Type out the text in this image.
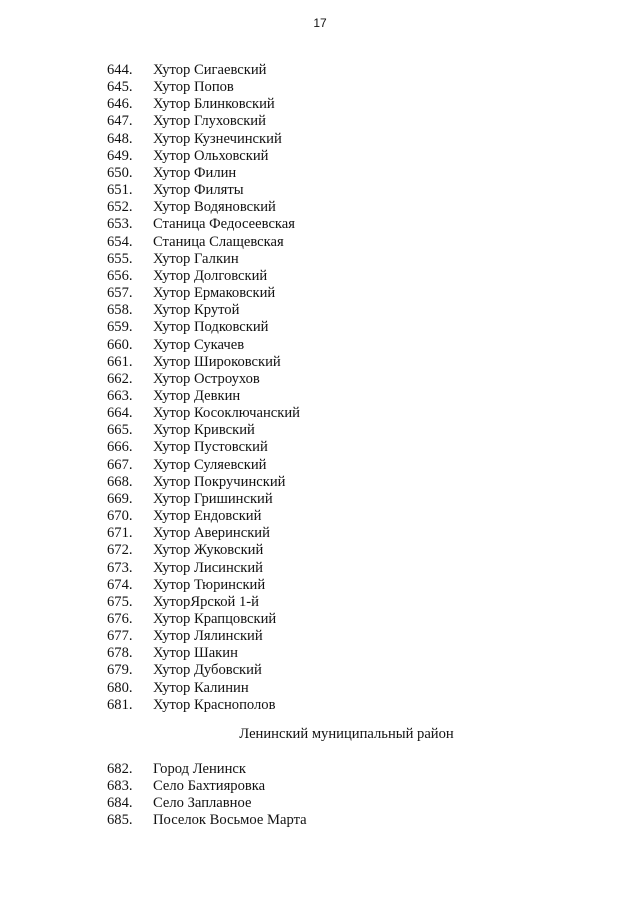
17
644. Хутор Сигаевский
645. Хутор Попов
646. Хутор Блинковский
647. Хутор Глуховский
648. Хутор Кузнечинский
649. Хутор Ольховский
650. Хутор Филин
651. Хутор Филяты
652. Хутор Водяновский
653. Станица Федосеевская
654. Станица Слащевская
655. Хутор Галкин
656. Хутор Долговский
657. Хутор Ермаковский
658. Хутор Крутой
659. Хутор Подковский
660. Хутор Сукачев
661. Хутор Широковский
662. Хутор Остроухов
663. Хутор Девкин
664. Хутор Косоключанский
665. Хутор Кривский
666. Хутор Пустовский
667. Хутор Суляевский
668. Хутор Покручинский
669. Хутор Гришинский
670. Хутор Ендовский
671. Хутор Аверинский
672. Хутор Жуковский
673. Хутор Лисинский
674. Хутор Тюринский
675. ХуторЯрской 1-й
676. Хутор Крапцовский
677. Хутор Лялинский
678. Хутор Шакин
679. Хутор Дубовский
680. Хутор Калинин
681. Хутор Краснополов
Ленинский муниципальный район
682. Город Ленинск
683. Село Бахтияровка
684. Село Заплавное
685. Поселок Восьмое Марта
